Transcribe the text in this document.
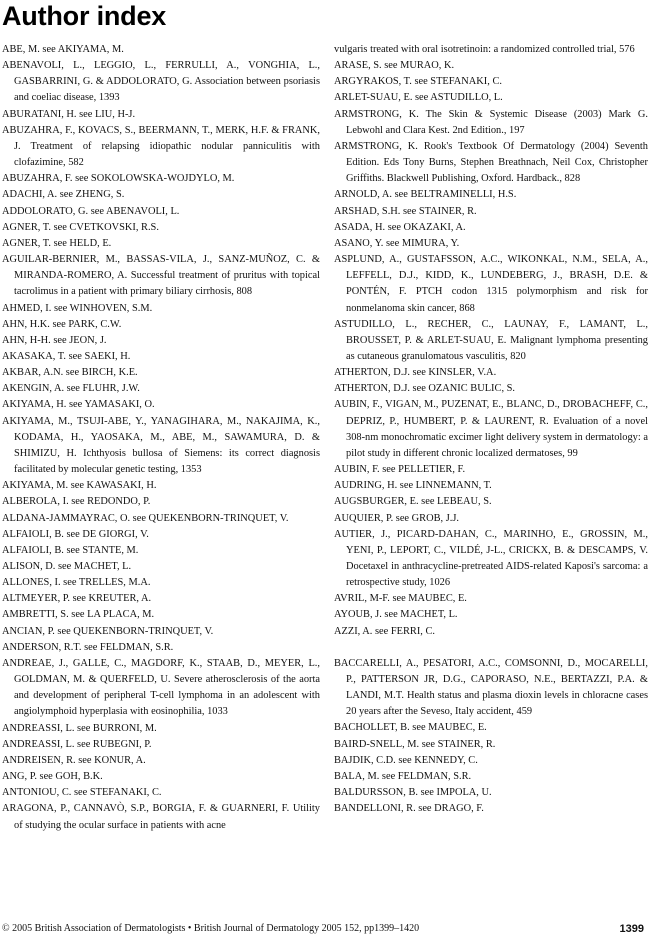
Author index

ABE, M. see AKIYAMA, M.

ABENAVOLI, L., LEGGIO, L., FERRULLI, A., VONGHIA, L., GASBARRINI, G. & ADDOLORATO, G. Association between psoriasis and coeliac disease, 1393

ABURATANI, H. see LIU, H-J.

ABUZAHRA, F., KOVACS, S., BEERMANN, T., MERK, H.F. & FRANK, J. Treatment of relapsing idiopathic nodular panniculitis with clofazimine, 582

ABUZAHRA, F. see SOKOLOWSKA-WOJDYLO, M.

ADACHI, A. see ZHENG, S.

ADDOLORATO, G. see ABENAVOLI, L.

AGNER, T. see CVETKOVSKI, R.S.

AGNER, T. see HELD, E.

AGUILAR-BERNIER, M., BASSAS-VILA, J., SANZ-MUÑOZ, C. & MIRANDA-ROMERO, A. Successful treatment of pruritus with topical tacrolimus in a patient with primary biliary cirrhosis, 808

AHMED, I. see WINHOVEN, S.M.

AHN, H.K. see PARK, C.W.

AHN, H-H. see JEON, J.

AKASAKA, T. see SAEKI, H.

AKBAR, A.N. see BIRCH, K.E.

AKENGIN, A. see FLUHR, J.W.

AKIYAMA, H. see YAMASAKI, O.

AKIYAMA, M., TSUJI-ABE, Y., YANAGIHARA, M., NAKAJIMA, K., KODAMA, H., YAOSAKA, M., ABE, M., SAWAMURA, D. & SHIMIZU, H. Ichthyosis bullosa of Siemens: its correct diagnosis facilitated by molecular genetic testing, 1353

AKIYAMA, M. see KAWASAKI, H.

ALBEROLA, I. see REDONDO, P.

ALDANA-JAMMAYRAC, O. see QUEKENBORN-TRINQUET, V.

ALFAIOLI, B. see DE GIORGI, V.

ALFAIOLI, B. see STANTE, M.

ALISON, D. see MACHET, L.

ALLONES, I. see TRELLES, M.A.

ALTMEYER, P. see KREUTER, A.

AMBRETTI, S. see LA PLACA, M.

ANCIAN, P. see QUEKENBORN-TRINQUET, V.

ANDERSON, R.T. see FELDMAN, S.R.

ANDREAE, J., GALLE, C., MAGDORF, K., STAAB, D., MEYER, L., GOLDMAN, M. & QUERFELD, U. Severe atherosclerosis of the aorta and development of peripheral T-cell lymphoma in an adolescent with angiolymphoid hyperplasia with eosinophilia, 1033

ANDREASSI, L. see BURRONI, M.

ANDREASSI, L. see RUBEGNI, P.

ANDREISEN, R. see KONUR, A.

ANG, P. see GOH, B.K.

ANTONIOU, C. see STEFANAKI, C.

ARAGONA, P., CANNAVÒ, S.P., BORGIA, F. & GUARNERI, F. Utility of studying the ocular surface in patients with acne

vulgaris treated with oral isotretinoin: a randomized controlled trial, 576

ARASE, S. see MURAO, K.

ARGYRAKOS, T. see STEFANAKI, C.

ARLET-SUAU, E. see ASTUDILLO, L.

ARMSTRONG, K. The Skin & Systemic Disease (2003) Mark G. Lebwohl and Clara Kest. 2nd Edition., 197

ARMSTRONG, K. Rook's Textbook Of Dermatology (2004) Seventh Edition. Eds Tony Burns, Stephen Breathnach, Neil Cox, Christopher Griffiths. Blackwell Publishing, Oxford. Hardback., 828

ARNOLD, A. see BELTRAMINELLI, H.S.

ARSHAD, S.H. see STAINER, R.

ASADA, H. see OKAZAKI, A.

ASANO, Y. see MIMURA, Y.

ASPLUND, A., GUSTAFSSON, A.C., WIKONKAL, N.M., SELA, A., LEFFELL, D.J., KIDD, K., LUNDEBERG, J., BRASH, D.E. & PONTÉN, F. PTCH codon 1315 polymorphism and risk for nonmelanoma skin cancer, 868

ASTUDILLO, L., RECHER, C., LAUNAY, F., LAMANT, L., BROUSSET, P. & ARLET-SUAU, E. Malignant lymphoma presenting as cutaneous granulomatous vasculitis, 820

ATHERTON, D.J. see KINSLER, V.A.

ATHERTON, D.J. see OZANIC BULIC, S.

AUBIN, F., VIGAN, M., PUZENAT, E., BLANC, D., DROBACHEFF, C., DEPRIZ, P., HUMBERT, P. & LAURENT, R. Evaluation of a novel 308-nm monochromatic excimer light delivery system in dermatology: a pilot study in different chronic localized dermatoses, 99

AUBIN, F. see PELLETIER, F.

AUDRING, H. see LINNEMANN, T.

AUGSBURGER, E. see LEBEAU, S.

AUQUIER, P. see GROB, J.J.

AUTIER, J., PICARD-DAHAN, C., MARINHO, E., GROSSIN, M., YENI, P., LEPORT, C., VILDÉ, J-L., CRICKX, B. & DESCAMPS, V. Docetaxel in anthracycline-pretreated AIDS-related Kaposi's sarcoma: a retrospective study, 1026

AVRIL, M-F. see MAUBEC, E.

AYOUB, J. see MACHET, L.

AZZI, A. see FERRI, C.

BACCARELLI, A., PESATORI, A.C., COMSONNI, D., MOCARELLI, P., PATTERSON JR, D.G., CAPORASO, N.E., BERTAZZI, P.A. & LANDI, M.T. Health status and plasma dioxin levels in chloracne cases 20 years after the Seveso, Italy accident, 459

BACHOLLET, B. see MAUBEC, E.

BAIRD-SNELL, M. see STAINER, R.

BAJDIK, C.D. see KENNEDY, C.

BALA, M. see FELDMAN, S.R.

BALDURSSON, B. see IMPOLA, U.

BANDELLONI, R. see DRAGO, F.

© 2005 British Association of Dermatologists • British Journal of Dermatology 2005 152, pp1399–1420	1399
